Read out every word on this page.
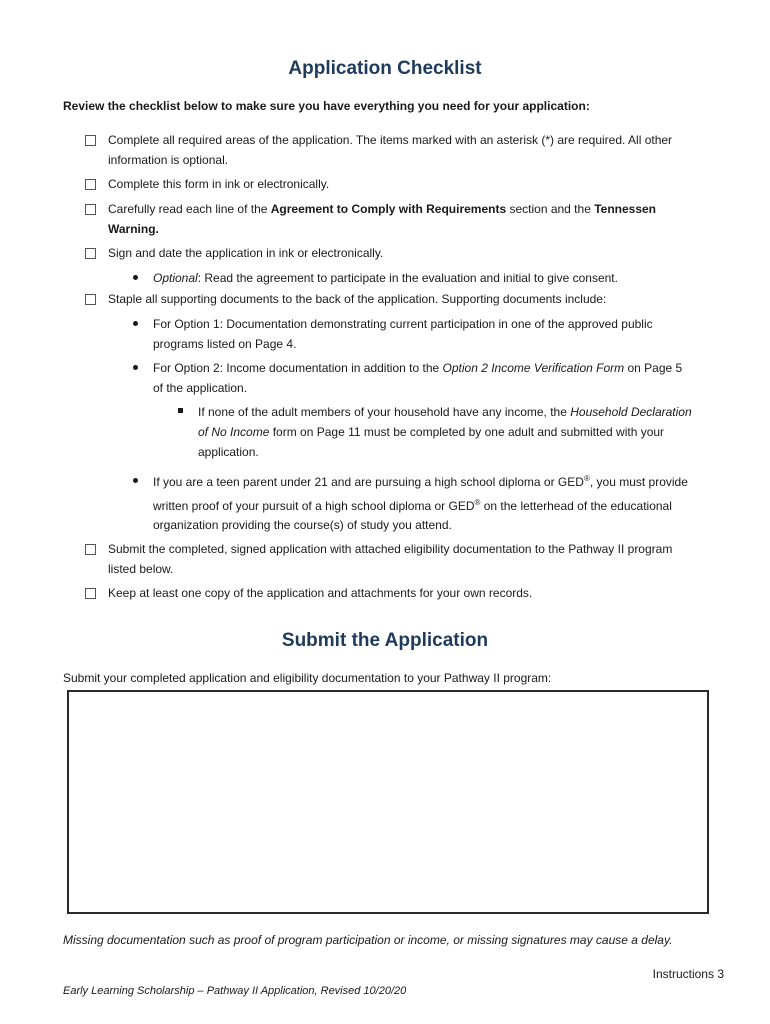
Application Checklist
Review the checklist below to make sure you have everything you need for your application:

Complete all required areas of the application. The items marked with an asterisk (*) are required. All other

information is optional.

Complete this form in ink or electronically.

Carefully read each line of the Agreement to Comply with Requirements section and the Tennessen

Warning.

Sign and date the application in ink or electronically.

Optional: Read the agreement to participate in the evaluation and initial to give consent.

Staple all supporting documents to the back of the application. Supporting documents include:

For Option 1: Documentation demonstrating current participation in one of the approved public

programs listed on Page 4.

For Option 2: Income documentation in addition to the Option 2 Income Verification Form on Page 5

of the application.

If none of the adult members of your household have any income, the Household Declaration

of No Income form on Page 11 must be completed by one adult and submitted with your

application.

If you are a teen parent under 21 and are pursuing a high school diploma or GED®, you must provide

written proof of your pursuit of a high school diploma or GED® on the letterhead of the educational

organization providing the course(s) of study you attend.

Submit the completed, signed application with attached eligibility documentation to the Pathway II program

listed below.

Keep at least one copy of the application and attachments for your own records.

Submit the Application
Submit your completed application and eligibility documentation to your Pathway II program:
Missing documentation such as proof of program participation or income, or missing signatures may cause a delay.
Instructions 3
Early Learning Scholarship – Pathway II Application, Revised 10/20/20
